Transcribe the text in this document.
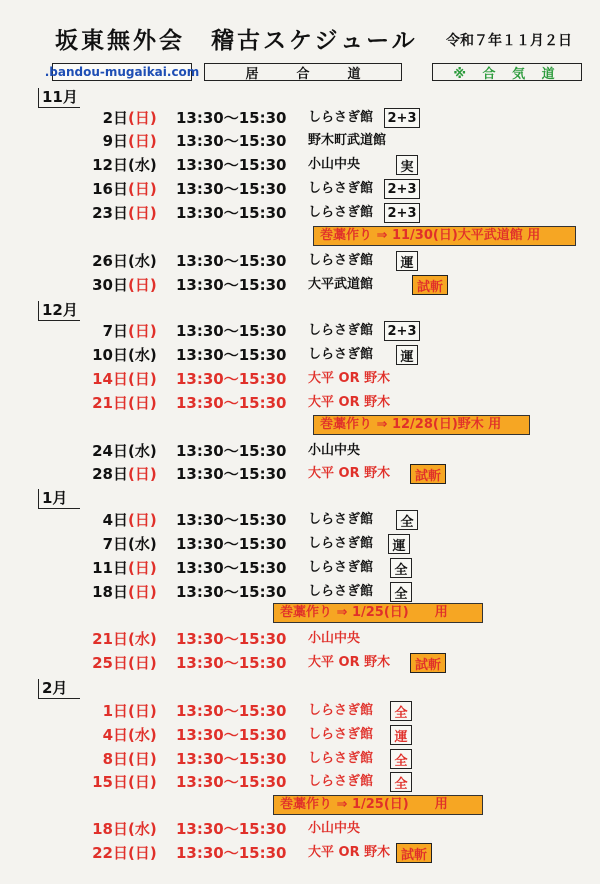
坂東無外会　稽古スケジュール 令和７年１１月２日
.bandou-mugaikai.com	居合道	※ 合 気 道
11月
12月
1月
2月
巻藁作り ⇒ 11/30(日)大平武道館 用
巻藁作り ⇒ 12/28(日)野木 用
巻藁作り ⇒ 1/25(日)　　用
巻藁作り ⇒ 1/25(日)　　用
2日 (日)	13:30～15:30 しらさぎ館 2+3
9日 (日)	13:30～15:30 野木町武道館
12日 (水)	13:30～15:30 小山中央	実
16日 (日)	13:30～15:30 しらさぎ館 2+3
23日 (日)	13:30～15:30 しらさぎ館 2+3
26日 (水)	13:30～15:30 しらさぎ館	運
30日 (日)	13:30～15:30 大平武道館	試斬
7日 (日)	13:30～15:30 しらさぎ館 2+3
10日 (水)	13:30～15:30 しらさぎ館	運
14日 (日)	13:30～15:30 大平 OR 野木
21日 (日)	13:30～15:30 大平 OR 野木
24日 (水)	13:30～15:30 小山中央
28日 (日)	13:30～15:30 大平 OR 野木	試斬
4日 (日)	13:30～15:30 しらさぎ館	全
7日 (水)	13:30～15:30 しらさぎ館	運
11日 (日)	13:30～15:30 しらさぎ館	全
18日 (日)	13:30～15:30 しらさぎ館	全
21日 (水)	13:30～15:30 小山中央
25日 (日)	13:30～15:30 大平 OR 野木	試斬
1日 (日)	13:30～15:30 しらさぎ館	全
4日 (水)	13:30～15:30 しらさぎ館	運
8日 (日)	13:30～15:30 しらさぎ館	全
15日 (日)	13:30～15:30 しらさぎ館	全
18日 (水)	13:30～15:30 小山中央
22日 (日)	13:30～15:30 大平 OR 野木 試斬
